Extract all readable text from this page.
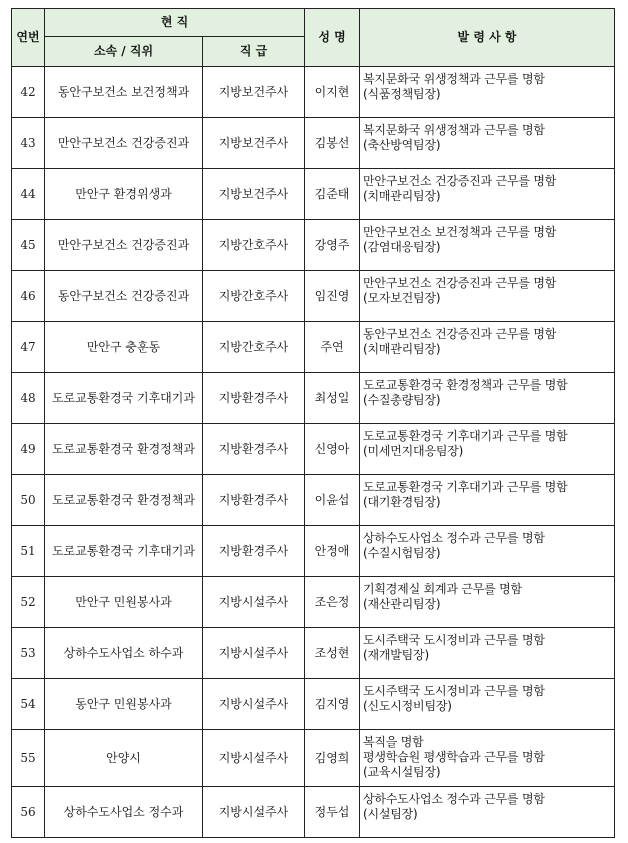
연번	현 직		성 명	발 령 사 항
	소속 / 직위	직 급		
42	동안구보건소 보건정책과	지방보건주사	이지현	복지문화국 위생정책과 근무를 명함
(식품정책팀장)
43	만안구보건소 건강증진과	지방보건주사	김봉선	복지문화국 위생정책과 근무를 명함
(축산방역팀장)
44	만안구 환경위생과	지방보건주사	김준태	만안구보건소 건강증진과 근무를 명함
(치매관리팀장)
45	만안구보건소 건강증진과	지방간호주사	강영주	만안구보건소 보건정책과 근무를 명함
(감염대응팀장)
46	동안구보건소 건강증진과	지방간호주사	임진영	만안구보건소 건강증진과 근무를 명함
(모자보건팀장)
47	만안구 충훈동	지방간호주사	주연	동안구보건소 건강증진과 근무를 명함
(치매관리팀장)
48	도로교통환경국 기후대기과	지방환경주사	최성일	도로교통환경국 환경정책과 근무를 명함
(수질총량팀장)
49	도로교통환경국 환경정책과	지방환경주사	신영아	도로교통환경국 기후대기과 근무를 명함
(미세먼지대응팀장)
50	도로교통환경국 환경정책과	지방환경주사	이윤섭	도로교통환경국 기후대기과 근무를 명함
(대기환경팀장)
51	도로교통환경국 기후대기과	지방환경주사	안정애	상하수도사업소 정수과 근무를 명함
(수질시험팀장)
52	만안구 민원봉사과	지방시설주사	조은정	기획경제실 회계과 근무를 명함
(재산관리팀장)
53	상하수도사업소 하수과	지방시설주사	조성현	도시주택국 도시정비과 근무를 명함
(재개발팀장)
54	동안구 민원봉사과	지방시설주사	김지영	도시주택국 도시정비과 근무를 명함
(신도시정비팀장)
55	안양시	지방시설주사	김영희	복직을 명함
평생학습원 평생학습과 근무를 명함
(교육시설팀장)
56	상하수도사업소 정수과	지방시설주사	정두섭	상하수도사업소 정수과 근무를 명함
(시설팀장)
